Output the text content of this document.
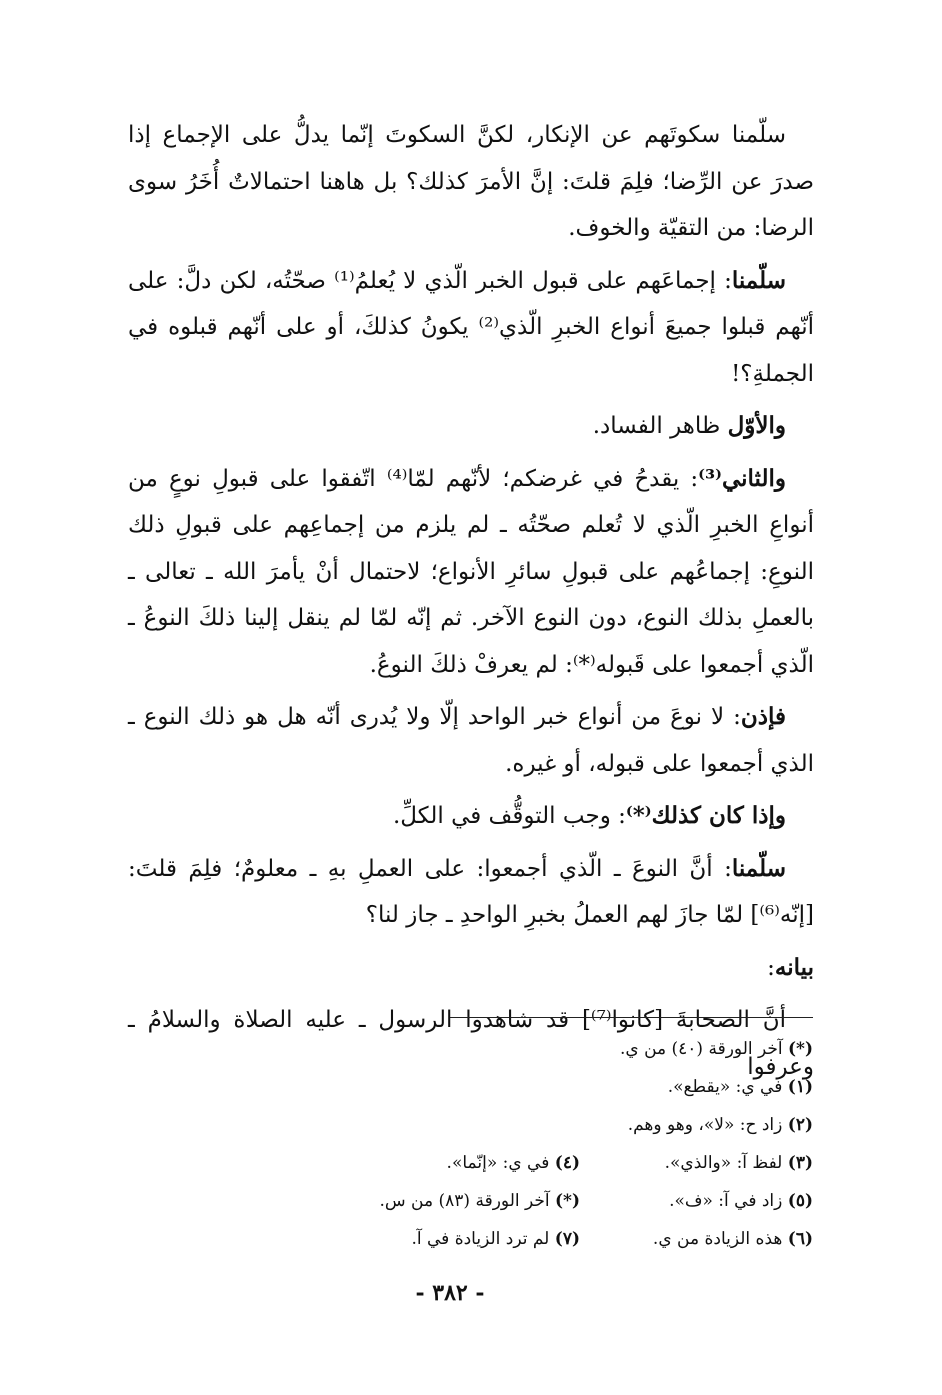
سلّمنا سكوتَهم عن الإنكار، لكنَّ السكوتَ إنّما يدلُّ على الإجماع إذا صدرَ عن الرِّضا؛ فلِمَ قلتَ: إنَّ الأمرَ كذلك؟ بل هاهنا احتمالاتٌ أُخَرُ سوى الرضا: من التقيّة والخوف.

سلّمنا: إجماعَهم على قبول الخبر الّذي لا يُعلمُ⁽¹⁾ صحّتُه، لكن دلَّ: على أنّهم قبلوا جميعَ أنواع الخبرِ الّذي⁽²⁾ يكونُ كذلكَ، أو على أنّهم قبلوه في الجملةِ؟!

والأوّل ظاهر الفساد.

والثاني⁽³⁾: يقدحُ في غرضكم؛ لأنّهم لمّا⁽⁴⁾ اتّفقوا على قبولِ نوعٍ من أنواعِ الخبرِ الّذي لا تُعلم صحّتُه ـ لم يلزم من إجماعِهم على قبولِ ذلك النوعِ: إجماعُهم على قبولِ سائرِ الأنواع؛ لاحتمال أنْ يأمرَ الله ـ تعالى ـ بالعملِ بذلك النوع، دون النوع الآخر. ثم إنّه لمّا لم ينقل إلينا ذلكَ النوعُ ـ الّذي أجمعوا على قَبوله⁽*⁾: لم يعرفْ ذلكَ النوعُ.

فإذن: لا نوعَ من أنواع خبر الواحد إلّا ولا يُدرى أنّه هل هو ذلك النوع ـ الذي أجمعوا على قبوله، أو غيره.

وإذا كان كذلك⁽*⁾: وجب التوقُّف في الكلِّ.

سلّمنا: أنَّ النوعَ ـ الّذي أجمعوا: على العملِ بهِ ـ معلومٌ؛ فلِمَ قلتَ: [إنّه⁽⁶⁾] لمّا جازَ لهم العملُ بخبرِ الواحدِ ـ جاز لنا؟

بيانه:

أنَّ الصحابةَ [كانوا⁽⁷⁾] قد شاهدوا الرسول ـ عليه الصلاة والسلامُ ـ وعرفوا

(*) آخر الورقة (٤٠) من ي.
(١) في ي: «يقطع».
(٢) زاد ح: «لا»، وهو وهم.
(٣) لفظ آ: «والذي».
(٤) في ي: «إنّما».
(٥) زاد في آ: «ف».
(*) آخر الورقة (٨٣) من س.
(٦) هذه الزيادة من ي.
(٧) لم ترد الزيادة في آ.
- ٣٨٢ -
